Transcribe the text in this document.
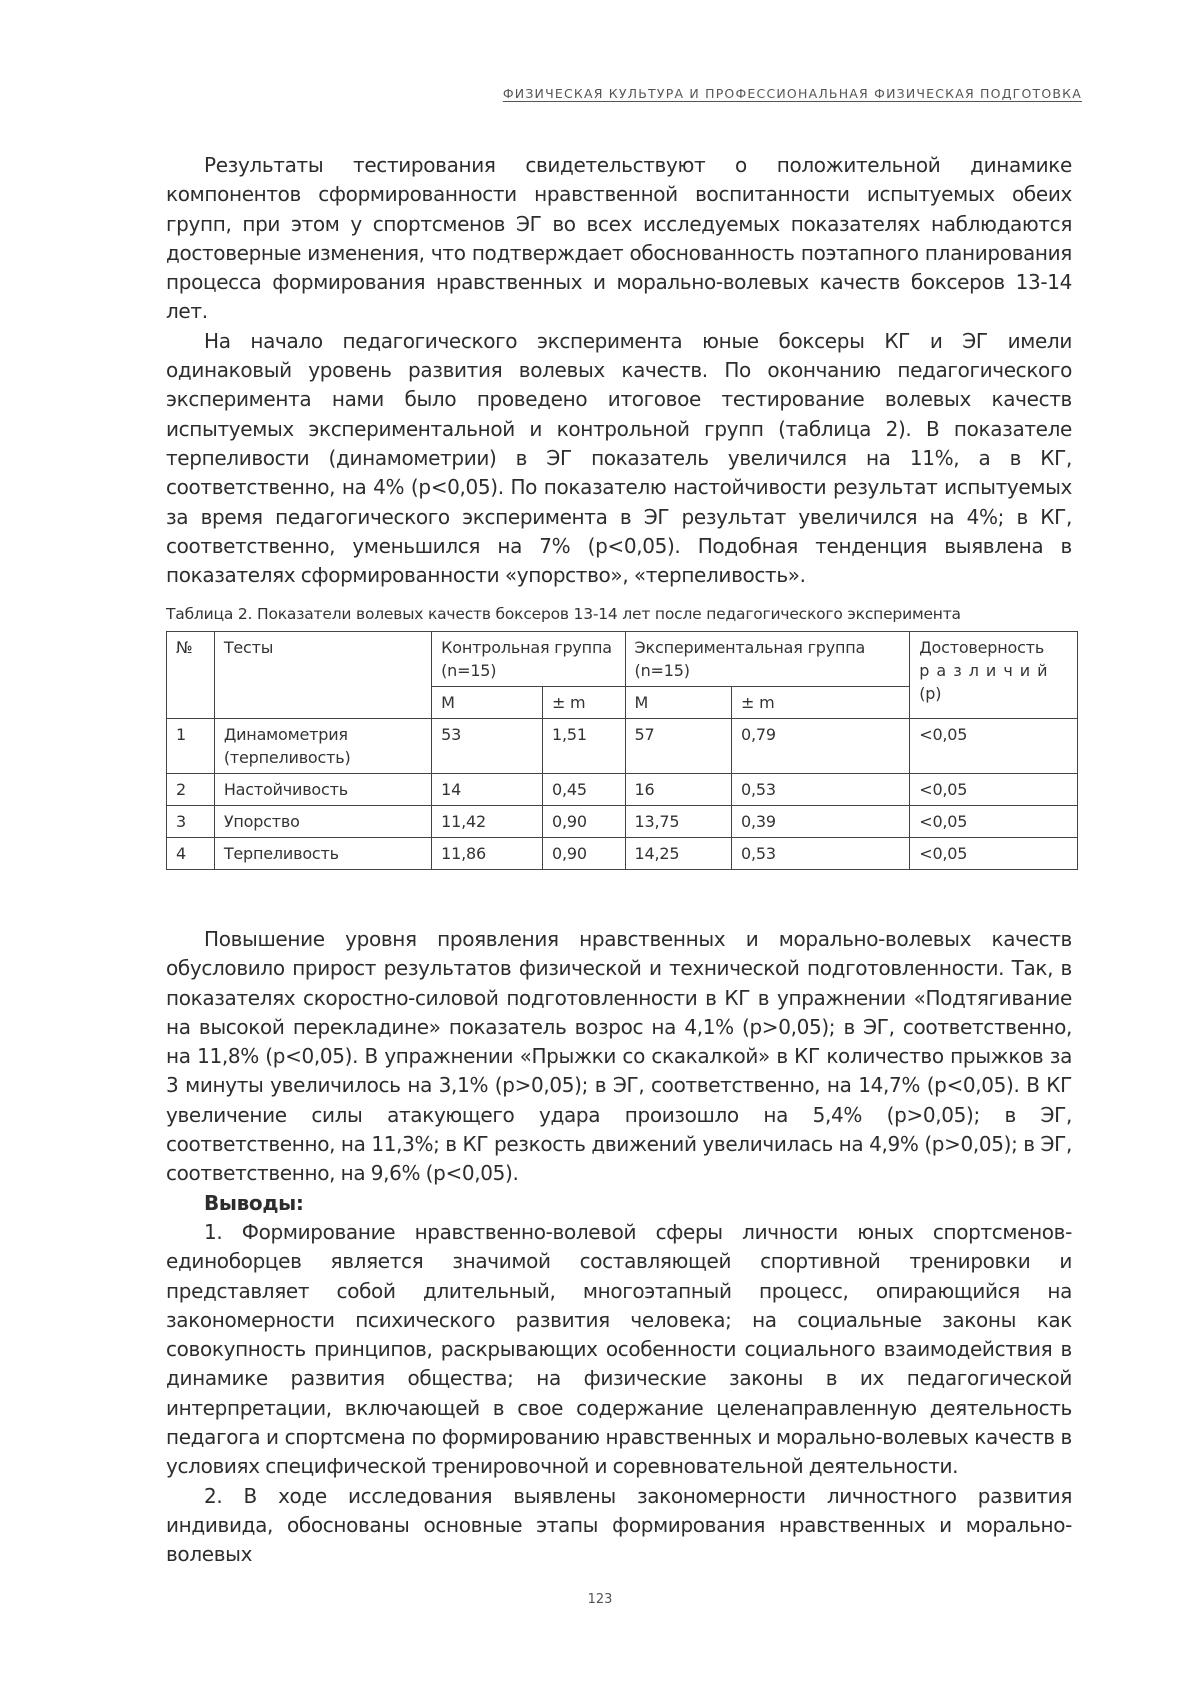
ФИЗИЧЕСКАЯ КУЛЬТУРА И ПРОФЕССИОНАЛЬНАЯ ФИЗИЧЕСКАЯ ПОДГОТОВКА

Результаты тестирования свидетельствуют о положительной динамике компонентов сформированности нравственной воспитанности испытуемых обеих групп, при этом у спортсменов ЭГ во всех исследуемых показателях наблюдаются достоверные изменения, что подтверждает обоснованность поэтапного планирования процесса формирования нравственных и морально-волевых качеств боксеров 13-14 лет.

На начало педагогического эксперимента юные боксеры КГ и ЭГ имели одинаковый уровень развития волевых качеств. По окончанию педагогического эксперимента нами было проведено итоговое тестирование волевых качеств испытуемых экспериментальной и контрольной групп (таблица 2). В показателе терпеливости (динамометрии) в ЭГ показатель увеличился на 11%, а в КГ, соответственно, на 4% (р<0,05). По показателю настойчивости результат испытуемых за время педагогического эксперимента в ЭГ результат увеличился на 4%; в КГ, соответственно, уменьшился на 7% (р<0,05). Подобная тенденция выявлена в показателях сформированности «упорство», «терпеливость».

Таблица 2. Показатели волевых качеств боксеров 13-14 лет после педагогического эксперимента
№	Тесты	Контрольная группа (n=15)		Экспериментальная группа (n=15)		Достоверность
различий
(р)
		M	± m	M	± m	
1	Динамометрия (терпеливость)	53	1,51	57	0,79	<0,05
2	Настойчивость	14	0,45	16	0,53	<0,05
3	Упорство	11,42	0,90	13,75	0,39	<0,05
4	Терпеливость	11,86	0,90	14,25	0,53	<0,05

Повышение уровня проявления нравственных и морально-волевых качеств обусловило прирост результатов физической и технической подготовленности. Так, в показателях скоростно-силовой подготовленности в КГ в упражнении «Подтягивание на высокой перекладине» показатель возрос на 4,1% (р>0,05); в ЭГ, соответственно, на 11,8% (р<0,05). В упражнении «Прыжки со скакалкой» в КГ количество прыжков за 3 минуты увеличилось на 3,1% (р>0,05); в ЭГ, соответственно, на 14,7% (р<0,05). В КГ увеличение силы атакующего удара произошло на 5,4% (р>0,05); в ЭГ, соответственно, на 11,3%; в КГ резкость движений увеличилась на 4,9% (р>0,05); в ЭГ, соответственно, на 9,6% (р<0,05).

Выводы:

1. Формирование нравственно-волевой сферы личности юных спортсменов-единоборцев является значимой составляющей спортивной тренировки и представляет собой длительный, многоэтапный процесс, опирающийся на закономерности психического развития человека; на социальные законы как совокупность принципов, раскрывающих особенности социального взаимодействия в динамике развития общества; на физические законы в их педагогической интерпретации, включающей в свое содержание целенаправленную деятельность педагога и спортсмена по формированию нравственных и морально-волевых качеств в условиях специфической тренировочной и соревновательной деятельности.

2. В ходе исследования выявлены закономерности личностного развития индивида, обоснованы основные этапы формирования нравственных и морально-волевых

123
